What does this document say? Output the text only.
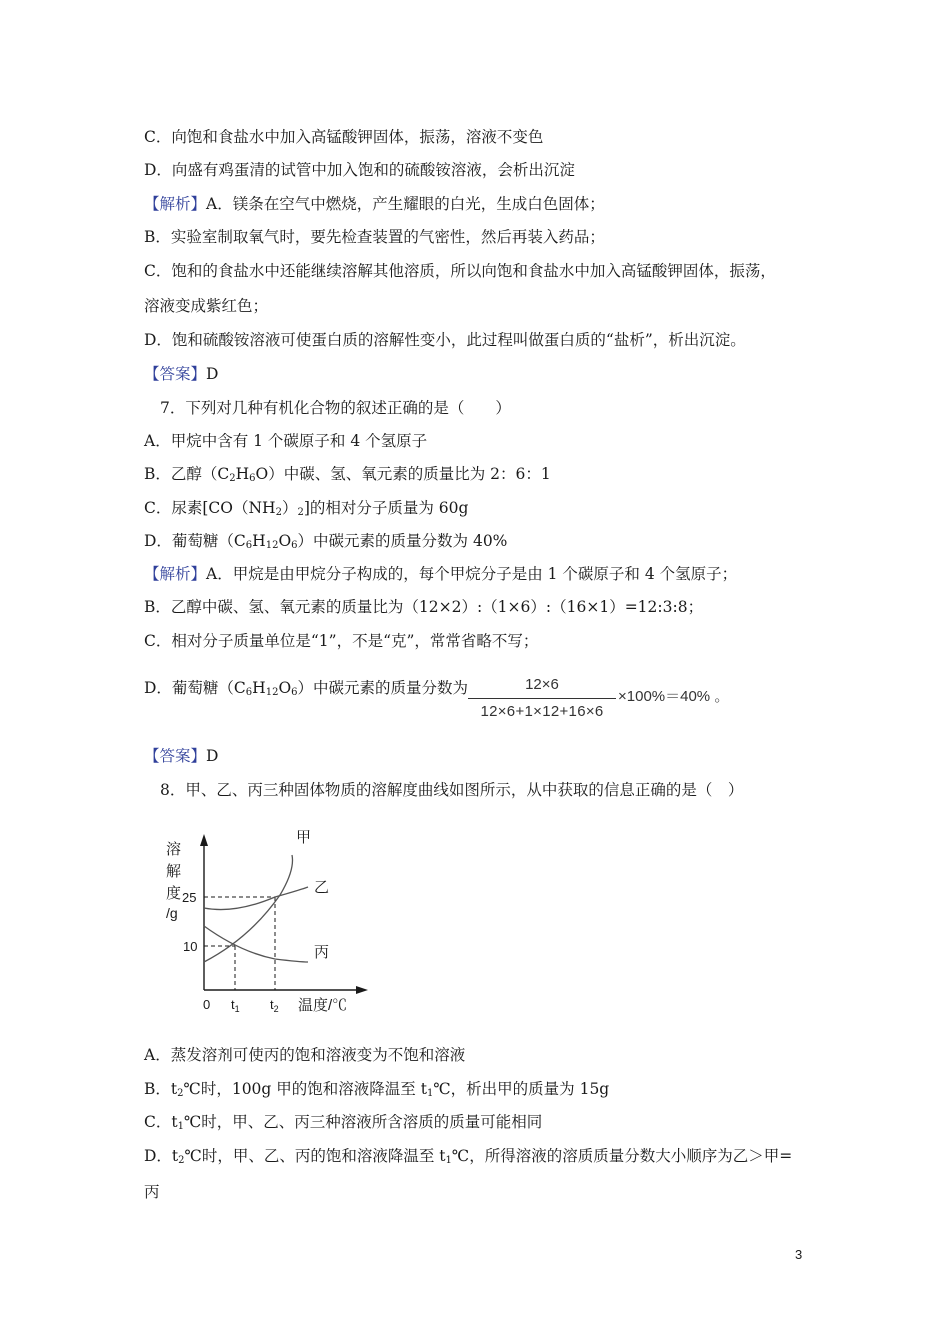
C．向饱和食盐水中加入高锰酸钾固体，振荡，溶液不变色
D．向盛有鸡蛋清的试管中加入饱和的硫酸铵溶液，会析出沉淀
【解析】A．镁条在空气中燃烧，产生耀眼的白光，生成白色固体；
B．实验室制取氧气时，要先检查装置的气密性，然后再装入药品；
C．饱和的食盐水中还能继续溶解其他溶质，所以向饱和食盐水中加入高锰酸钾固体，振荡，
溶液变成紫红色；
D．饱和硫酸铵溶液可使蛋白质的溶解性变小，此过程叫做蛋白质的“盐析”，析出沉淀。
【答案】D
7．下列对几种有机化合物的叙述正确的是（　　）
A．甲烷中含有 1 个碳原子和 4 个氢原子
B．乙醇$(C_2H_6O)$中碳、氢、氧元素的质量比为 2：6：1
C．尿素$[CO(NH_2)_2]$的相对分子质量为 60g
D．葡萄糖$(C_6H_{12}O_6)$中碳元素的质量分数为 40%
【解析】A．甲烷是由甲烷分子构成的，每个甲烷分子是由 1 个碳原子和 4 个氢原子；
B．乙醇中碳、氢、氧元素的质量比为（12×2）:（1×6）:（16×1）=12:3:8；
C．相对分子质量单位是“1”，不是“克”，常常省略不写；
D．葡萄糖$(C_6H_{12}O_6)$中碳元素的质量分数为	12×6
12×6+1×12+16×6
×100%＝40% 。
【答案】D
8．甲、乙、丙三种固体物质的溶解度曲线如图所示，从中获取的信息正确的是（　）
溶
解
度
/g
25
10
0 $t_1$ $t_2$ 温度/℃
甲
乙
丙
A．蒸发溶剂可使丙的饱和溶液变为不饱和溶液
B．$t_2℃$时，100g 甲的饱和溶液降温至 $t_1℃$，析出甲的质量为 15g
C．$t_1℃$时，甲、乙、丙三种溶液所含溶质的质量可能相同
D．$t_2℃$时，甲、乙、丙的饱和溶液降温至 $t_1℃$，所得溶液的溶质质量分数大小顺序为乙＞甲=
丙
3
